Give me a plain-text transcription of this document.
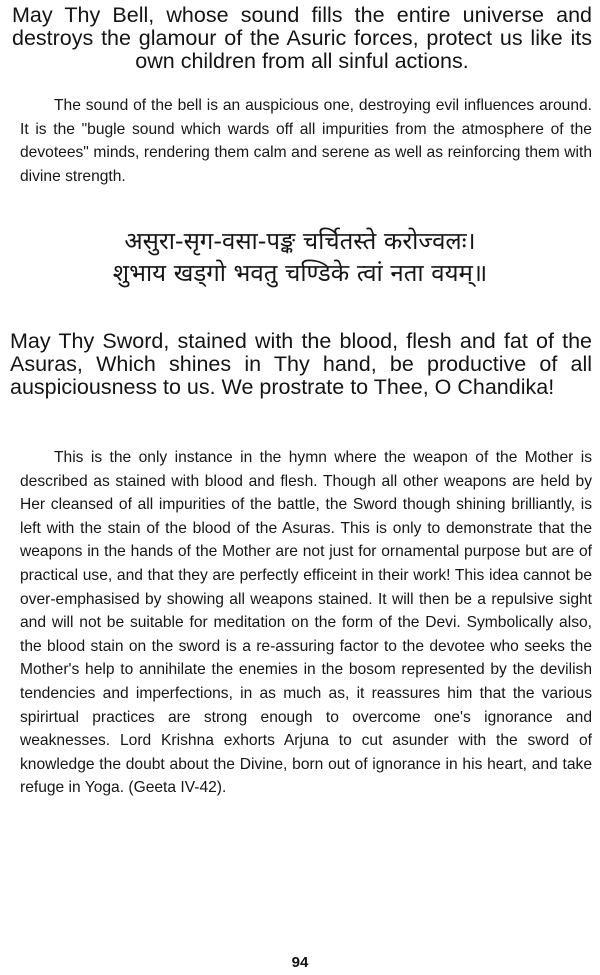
May Thy Bell, whose sound fills the entire universe and destroys the glamour of the Asuric forces, protect us like its own children from all sinful actions.

The sound of the bell is an auspicious one, destroying evil influences around. It is the "bugle sound which wards off all impurities from the atmosphere of the devotees" minds, rendering them calm and serene as well as reinforcing them with divine strength.

असुरा-सृग-वसा-पङ्क चर्चितस्ते करोज्वलः।

शुभाय खड्गो भवतु चण्डिके त्वां नता वयम्॥

May Thy Sword, stained with the blood, flesh and fat of the Asuras, Which shines in Thy hand, be productive of all auspiciousness to us. We prostrate to Thee, O Chandika!

This is the only instance in the hymn where the weapon of the Mother is described as stained with blood and flesh. Though all other weapons are held by Her cleansed of all impurities of the battle, the Sword though shining brilliantly, is left with the stain of the blood of the Asuras. This is only to demonstrate that the weapons in the hands of the Mother are not just for ornamental purpose but are of practical use, and that they are perfectly efficeint in their work! This idea cannot be over-emphasised by showing all weapons stained. It will then be a repulsive sight and will not be suitable for meditation on the form of the Devi. Symbolically also, the blood stain on the sword is a re-assuring factor to the devotee who seeks the Mother's help to annihilate the enemies in the bosom represented by the devilish tendencies and imperfections, in as much as, it reassures him that the various spirirtual practices are strong enough to overcome one's ignorance and weaknesses. Lord Krishna exhorts Arjuna to cut asunder with the sword of knowledge the doubt about the Divine, born out of ignorance in his heart, and take refuge in Yoga. (Geeta IV-42).

94
